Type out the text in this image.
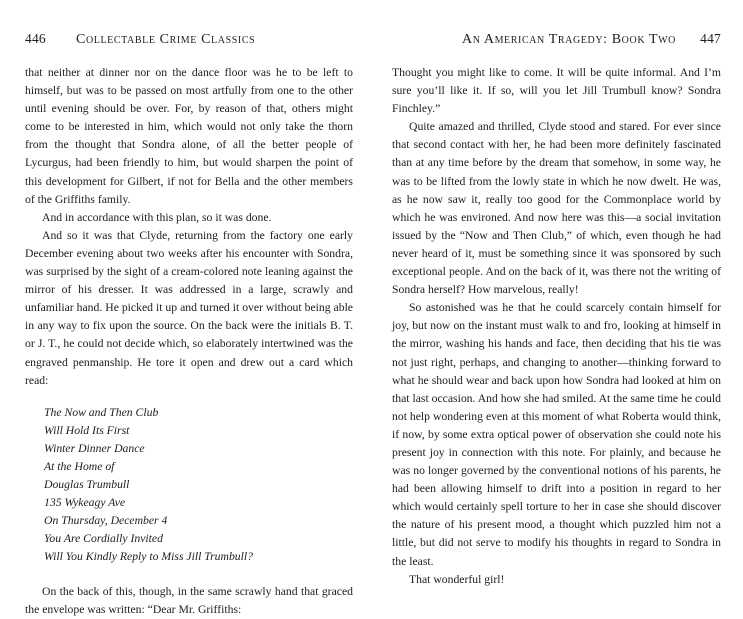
446 Collectable Crime Classics

that neither at dinner nor on the dance floor was he to be left to himself, but was to be passed on most artfully from one to the other until evening should be over. For, by reason of that, others might come to be interested in him, which would not only take the thorn from the thought that Sondra alone, of all the better people of Lycurgus, had been friendly to him, but would sharpen the point of this development for Gilbert, if not for Bella and the other members of the Griffiths family.

And in accordance with this plan, so it was done.

And so it was that Clyde, returning from the factory one early December evening about two weeks after his encounter with Sondra, was surprised by the sight of a cream-colored note leaning against the mirror of his dresser. It was addressed in a large, scrawly and unfamiliar hand. He picked it up and turned it over without being able in any way to fix upon the source. On the back were the initials B. T. or J. T., he could not decide which, so elaborately intertwined was the engraved penmanship. He tore it open and drew out a card which read:

The Now and Then Club
Will Hold Its First
Winter Dinner Dance
At the Home of
Douglas Trumbull
135 Wykeagy Ave
On Thursday, December 4
You Are Cordially Invited
Will You Kindly Reply to Miss Jill Trumbull?

On the back of this, though, in the same scrawly hand that graced the envelope was written: “Dear Mr. Griffiths:

An American Tragedy: Book Two 447

Thought you might like to come. It will be quite informal. And I’m sure you’ll like it. If so, will you let Jill Trumbull know? Sondra Finchley.”

Quite amazed and thrilled, Clyde stood and stared. For ever since that second contact with her, he had been more definitely fascinated than at any time before by the dream that somehow, in some way, he was to be lifted from the lowly state in which he now dwelt. He was, as he now saw it, really too good for the Commonplace world by which he was environed. And now here was this—a social invitation issued by the “Now and Then Club,” of which, even though he had never heard of it, must be something since it was sponsored by such exceptional people. And on the back of it, was there not the writing of Sondra herself? How marvelous, really!

So astonished was he that he could scarcely contain himself for joy, but now on the instant must walk to and fro, looking at himself in the mirror, washing his hands and face, then deciding that his tie was not just right, perhaps, and changing to another—thinking forward to what he should wear and back upon how Sondra had looked at him on that last occasion. And how she had smiled. At the same time he could not help wondering even at this moment of what Roberta would think, if now, by some extra optical power of observation she could note his present joy in connection with this note. For plainly, and because he was no longer governed by the conventional notions of his parents, he had been allowing himself to drift into a position in regard to her which would certainly spell torture to her in case she should discover the nature of his present mood, a thought which puzzled him not a little, but did not serve to modify his thoughts in regard to Sondra in the least.

That wonderful girl!
